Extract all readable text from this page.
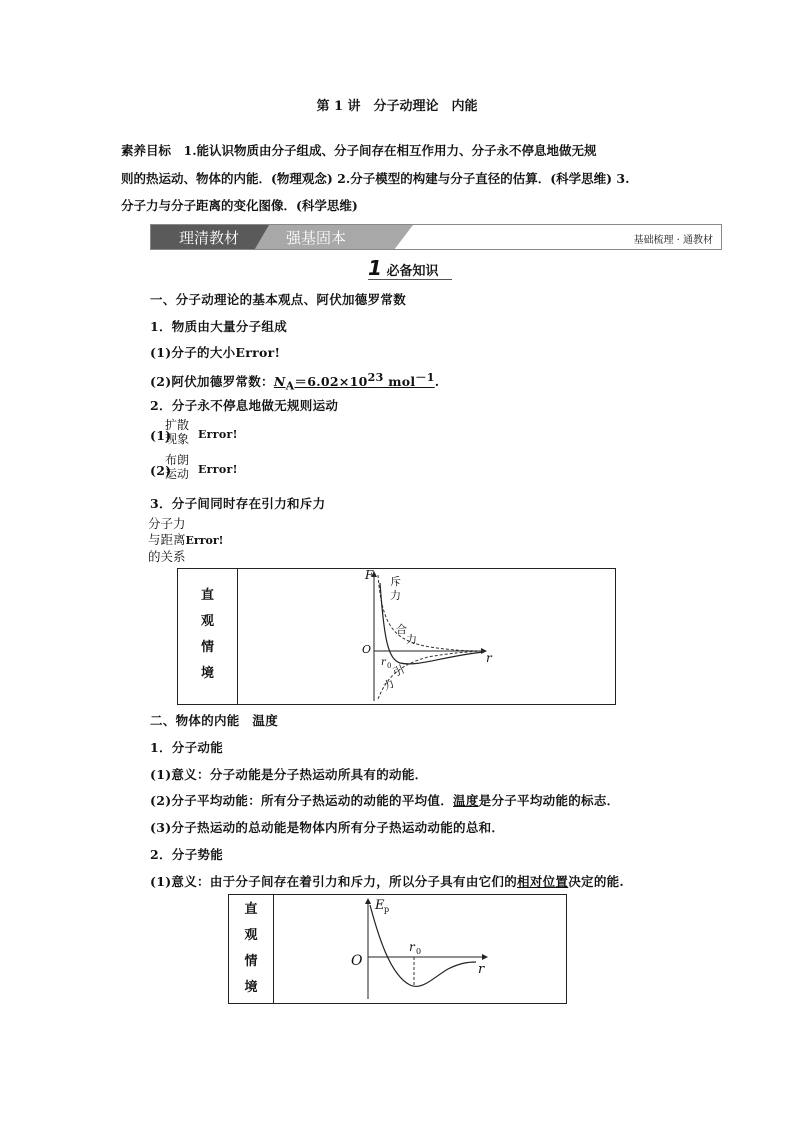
第 1 讲　分子动理论　内能
素养目标　1.能认识物质由分子组成、分子间存在相互作用力、分子永不停息地做无规
则的热运动、物体的内能．(物理观念) 2.分子模型的构建与分子直径的估算．(科学思维) 3.
分子力与分子距离的变化图像．(科学思维)
理清教材	强基固本	基础梳理 · 通教材
1 必备知识
一、分子动理论的基本观点、阿伏加德罗常数
1．物质由大量分子组成
(1)分子的大小Error!
(2)阿伏加德罗常数：$N_A=6.02\times 10^{23}$ mol$^{-1}$.
2．分子永不停息地做无规则运动
(1)
扩散
现象 Error!
(2)
布朗
运动 Error!
3．分子间同时存在引力和斥力
分子力
与距离Error!
的关系
直
观
情
境
F
r
O
r 0
斥
力
合
力
引
力
二、物体的内能　温度
1．分子动能
(1)意义：分子动能是分子热运动所具有的动能．
(2)分子平均动能：所有分子热运动的动能的平均值．温度是分子平均动能的标志．
(3)分子热运动的总动能是物体内所有分子热运动动能的总和．
2．分子势能
(1)意义：由于分子间存在着引力和斥力，所以分子具有由它们的相对位置决定的能.
直
观
情
境
E p
r
O
r 0
